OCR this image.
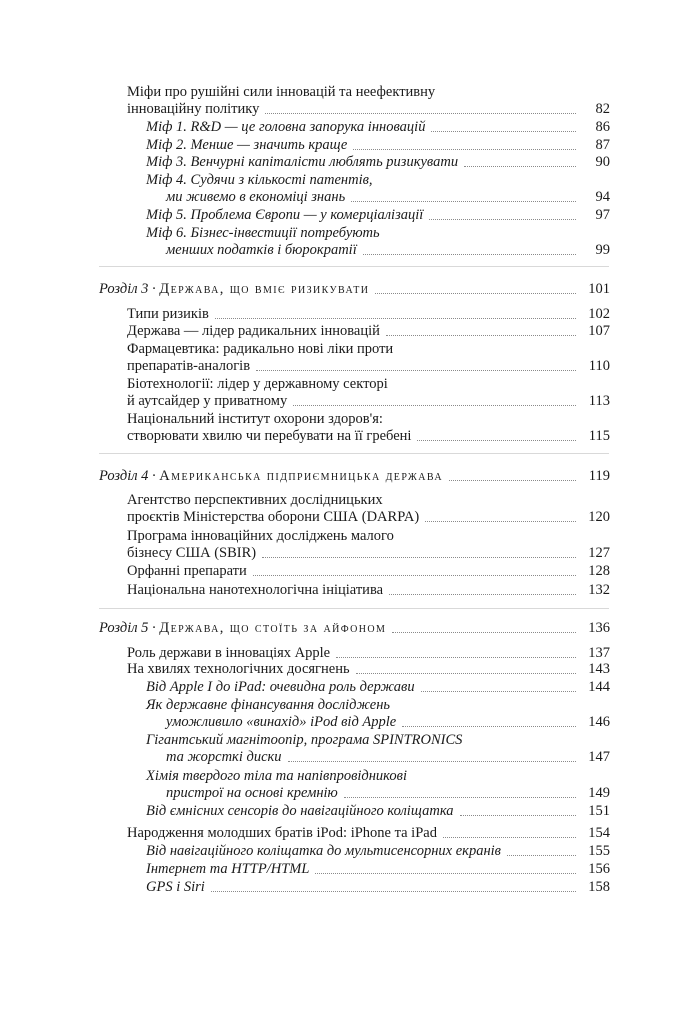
Міфи про рушійні сили інновацій та неефективну
інноваційну політику	82
Міф 1. R&D — це головна запорука інновацій	86
Міф 2. Менше — значить краще	87
Міф 3. Венчурні капіталісти люблять ризикувати	90
Міф 4. Судячи з кількості патентів,
ми живемо в економіці знань	94
Міф 5. Проблема Європи — у комерціалізації	97
Міф 6. Бізнес-інвестиції потребують
менших податків і бюрократії	99
Розділ 3 · Держава, що вміє ризикувати	101
Типи ризиків	102
Держава — лідер радикальних інновацій	107
Фармацевтика: радикально нові ліки проти
препаратів-аналогів	110
Біотехнології: лідер у державному секторі
й аутсайдер у приватному	113
Національний інститут охорони здоров'я:
створювати хвилю чи перебувати на її гребені	115
Розділ 4 · Американська підприємницька держава	119
Агентство перспективних дослідницьких
проєктів Міністерства оборони США (DARPA)	120
Програма інноваційних досліджень малого
бізнесу США (SBIR)	127
Орфанні препарати	128
Національна нанотехнологічна ініціатива	132
Розділ 5 · Держава, що стоїть за айфоном	136
Роль держави в інноваціях Apple	137
На хвилях технологічних досягнень	143
Від Apple I до iPad: очевидна роль держави	144
Як державне фінансування досліджень
уможливило «винахід» iPod від Apple	146
Гігантський магнітоопір, програма SPINTRONICS
та жорсткі диски	147
Хімія твердого тіла та напівпровідникові
пристрої на основі кремнію	149
Від ємнісних сенсорів до навігаційного коліщатка	151
Народження молодших братів iPod: iPhone та iPad	154
Від навігаційного коліщатка до мультисенсорних екранів	155
Інтернет та HTTP/HTML	156
GPS і Siri	158
